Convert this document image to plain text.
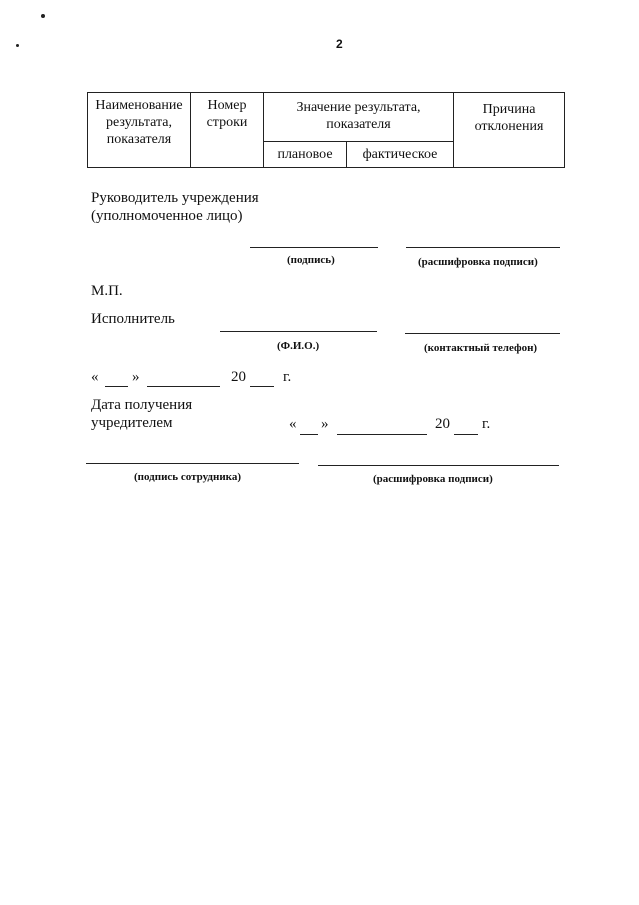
2
Наименование результата, показателя	Номер строки	Значение результата, показателя		Причина отклонения
		плановое	фактическое	
Руководитель учреждения (уполномоченное лицо)
(подпись)	(расшифровка подписи)
М.П.
Исполнитель
(Ф.И.О.)	(контактный телефон)
« »	20 г.
Дата получения учредителем	« »	20 г.
(подпись сотрудника)	(расшифровка подписи)
